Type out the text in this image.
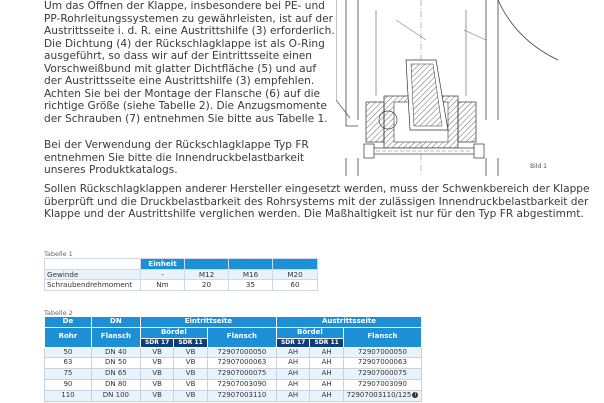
Um das Öffnen der Klappe, insbesondere bei PE- und
PP-Rohrleitungssystemen zu gewährleisten, ist auf der
Austrittsseite i. d. R. eine Austrittshilfe (3) erforderlich.
Die Dichtung (4) der Rückschlagklappe ist als O-Ring
ausgeführt, so dass wir auf der Eintrittsseite einen
Vorschweißbund mit glatter Dichtfläche (5) und auf
der Austrittsseite eine Austrittshilfe (3) empfehlen.
Achten Sie bei der Montage der Flansche (6) auf die
richtige Größe (siehe Tabelle 2). Die Anzugsmomente
der Schrauben (7) entnehmen Sie bitte aus Tabelle 1.

Bei der Verwendung der Rückschlagklappe Typ FR
entnehmen Sie bitte die Innendruckbelastbarkeit
unseres Produktkatalogs.	Bild 1

Sollen Rückschlagklappen anderer Hersteller eingesetzt werden, muss der Schwenkbereich der Klappe
überprüft und die Druckbelastbarkeit des Rohrsystems mit der zulässigen Innendruckbelastbarkeit der
Klappe und der Austrittshilfe verglichen werden. Die Maßhaltigkeit ist nur für den Typ FR abgestimmt.

Tabelle 1
	Einheit			
Gewinde	-	M12	M16	M20
Schraubendrehmoment	Nm	20	35	60
Tabelle 2
De	DN	Eintrittseite			Austrittsseite		
Rohr	Flansch	Bördel		Flansch	Bördel		Flansch
		SDR 17	SDR 11		SDR 17	SDR 11	
50	DN 40	VB	VB	72907000050	AH	AH	72907000050
63	DN 50	VB	VB	72907000063	AH	AH	72907000063
75	DN 65	VB	VB	72907000075	AH	AH	72907000075
90	DN 80	VB	VB	72907003090	AH	AH	72907003090
110	DN 100	VB	VB	72907003110	AH	AH	72907003110/125 i
